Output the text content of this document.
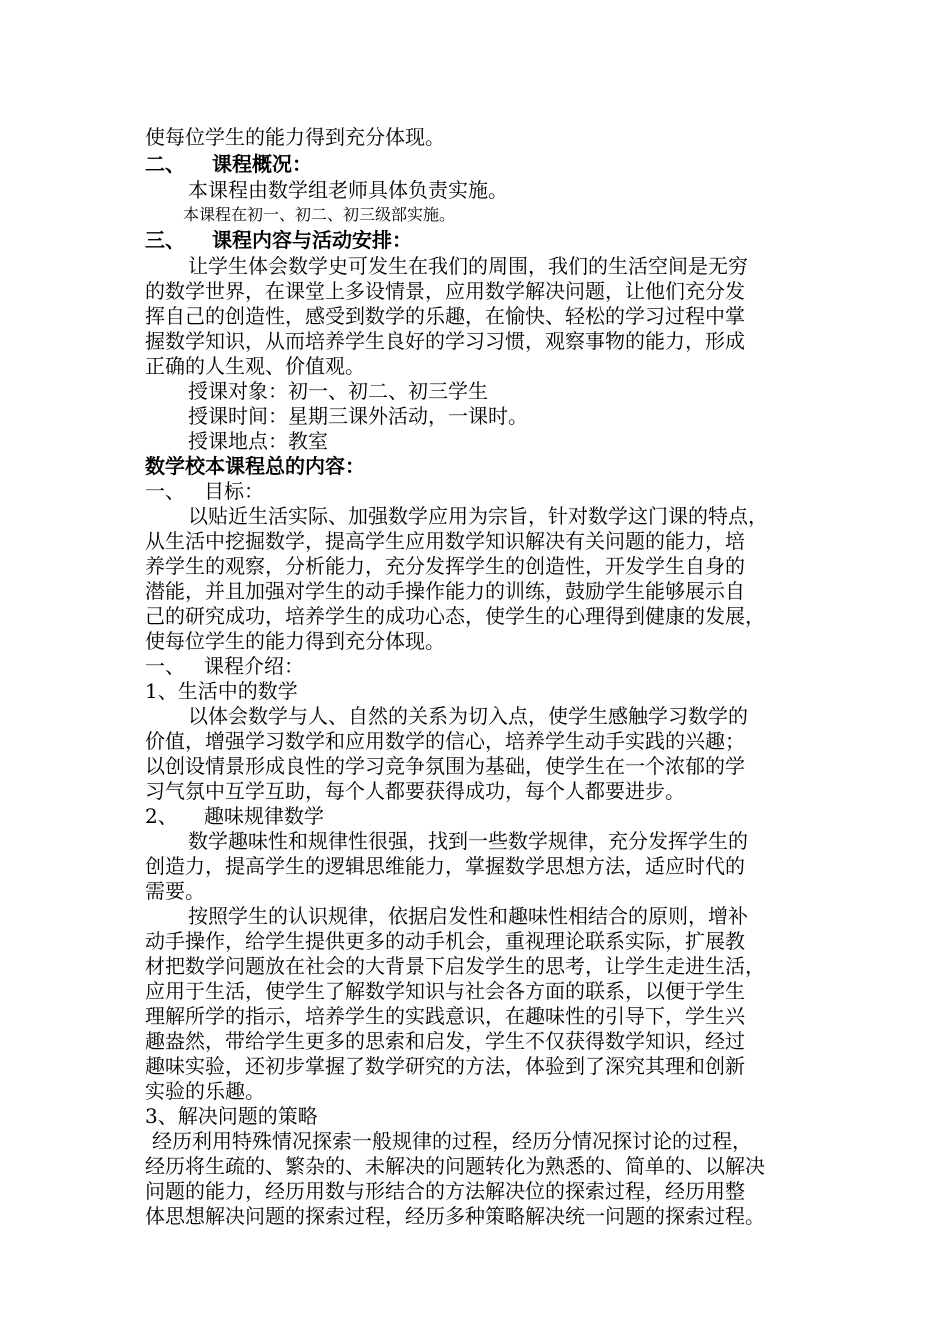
使每位学生的能力得到充分体现。
二、	课程概况：
本课程由数学组老师具体负责实施。
本课程在初一、初二、初三级部实施。
三、	课程内容与活动安排：
让学生体会数学史可发生在我们的周围，我们的生活空间是无穷
的数学世界，在课堂上多设情景，应用数学解决问题，让他们充分发
挥自己的创造性，感受到数学的乐趣，在愉快、轻松的学习过程中掌
握数学知识，从而培养学生良好的学习习惯，观察事物的能力，形成
正确的人生观、价值观。
授课对象：初一、初二、初三学生
授课时间：星期三课外活动，一课时。
授课地点：教室
数学校本课程总的内容：
一、 目标：
以贴近生活实际、加强数学应用为宗旨，针对数学这门课的特点，
从生活中挖掘数学，提高学生应用数学知识解决有关问题的能力，培
养学生的观察，分析能力，充分发挥学生的创造性，开发学生自身的
潜能，并且加强对学生的动手操作能力的训练，鼓励学生能够展示自
己的研究成功，培养学生的成功心态，使学生的心理得到健康的发展，
使每位学生的能力得到充分体现。
一、 课程介绍：
1、生活中的数学
以体会数学与人、自然的关系为切入点，使学生感触学习数学的
价值，增强学习数学和应用数学的信心，培养学生动手实践的兴趣；
以创设情景形成良性的学习竞争氛围为基础，使学生在一个浓郁的学
习气氛中互学互助，每个人都要获得成功，每个人都要进步。
2、	趣味规律数学
数学趣味性和规律性很强，找到一些数学规律，充分发挥学生的
创造力，提高学生的逻辑思维能力，掌握数学思想方法，适应时代的
需要。
按照学生的认识规律，依据启发性和趣味性相结合的原则，增补
动手操作，给学生提供更多的动手机会，重视理论联系实际，扩展教
材把数学问题放在社会的大背景下启发学生的思考，让学生走进生活，
应用于生活，使学生了解数学知识与社会各方面的联系，以便于学生
理解所学的指示，培养学生的实践意识，在趣味性的引导下，学生兴
趣盎然，带给学生更多的思索和启发，学生不仅获得数学知识，经过
趣味实验，还初步掌握了数学研究的方法，体验到了深究其理和创新
实验的乐趣。
3、解决问题的策略
经历利用特殊情况探索一般规律的过程，经历分情况探讨论的过程，
经历将生疏的、繁杂的、未解决的问题转化为熟悉的、简单的、以解决
问题的能力，经历用数与形结合的方法解决位的探索过程，经历用整
体思想解决问题的探索过程，经历多种策略解决统一问题的探索过程。
